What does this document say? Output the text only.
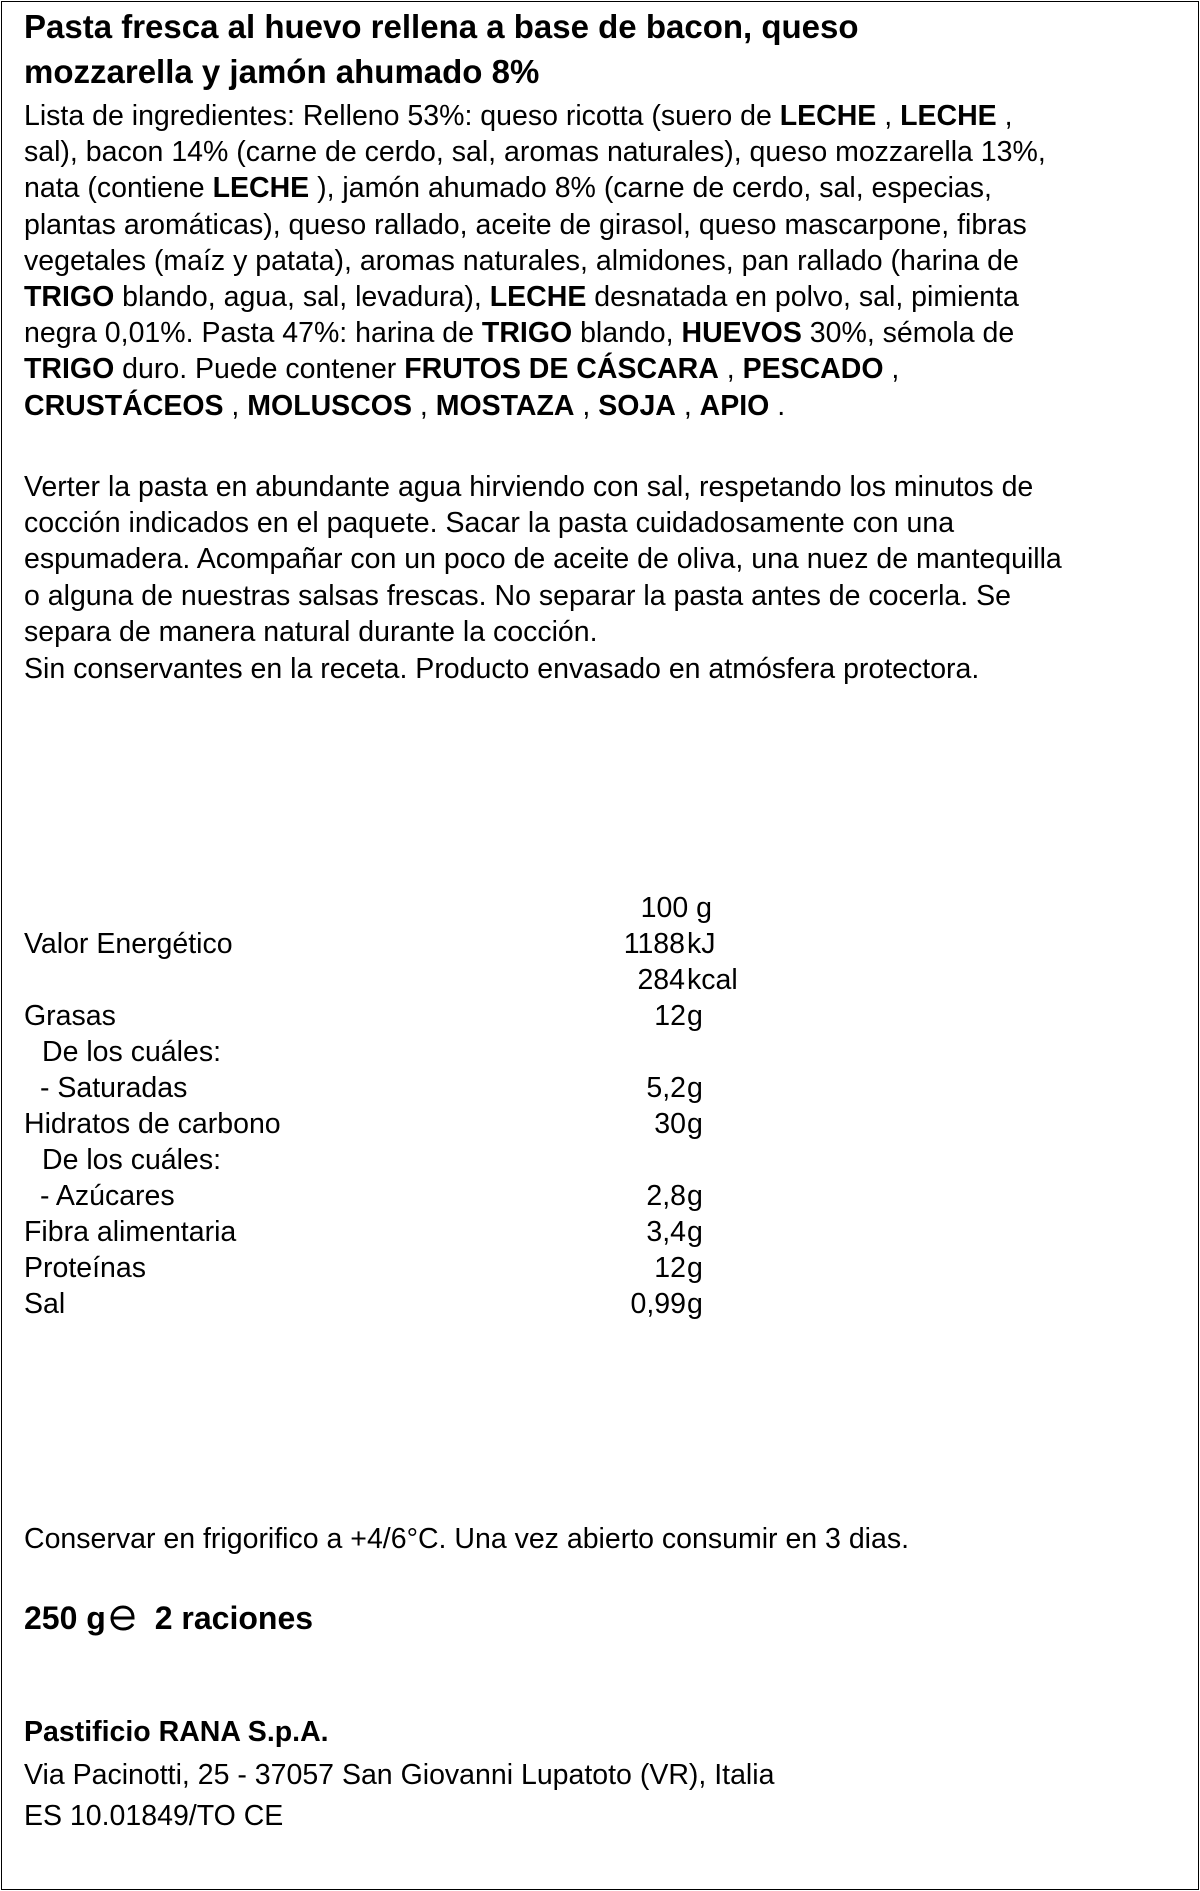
Pasta fresca al huevo rellena a base de bacon, queso
mozzarella y jamón ahumado 8%
Lista de ingredientes: Relleno 53%: queso ricotta (suero de LECHE , LECHE ,
sal), bacon 14% (carne de cerdo, sal, aromas naturales), queso mozzarella 13%,
nata (contiene LECHE ), jamón ahumado 8% (carne de cerdo, sal, especias,
plantas aromáticas), queso rallado, aceite de girasol, queso mascarpone, fibras
vegetales (maíz y patata), aromas naturales, almidones, pan rallado (harina de
TRIGO blando, agua, sal, levadura), LECHE desnatada en polvo, sal, pimienta
negra 0,01%. Pasta 47%: harina de TRIGO blando, HUEVOS 30%, sémola de
TRIGO duro. Puede contener FRUTOS DE CÁSCARA , PESCADO ,
CRUSTÁCEOS , MOLUSCOS , MOSTAZA , SOJA , APIO .
Verter la pasta en abundante agua hirviendo con sal, respetando los minutos de
cocción indicados en el paquete. Sacar la pasta cuidadosamente con una
espumadera. Acompañar con un poco de aceite de oliva, una nuez de mantequilla
o alguna de nuestras salsas frescas. No separar la pasta antes de cocerla. Se
separa de manera natural durante la cocción.
Sin conservantes en la receta. Producto envasado en atmósfera protectora.
100 g
Valor Energético	1188 kJ
284 kcal
Grasas	12 g
De los cuáles:
- Saturadas	5,2 g
Hidratos de carbono	30 g
De los cuáles:
- Azúcares	2,8 g
Fibra alimentaria	3,4 g
Proteínas	12 g
Sal	0,99 g
Conservar en frigorifico a +4/6°C. Una vez abierto consumir en 3 dias.
250 g 2 raciones
Pastificio RANA S.p.A.
Via Pacinotti, 25 - 37057 San Giovanni Lupatoto (VR), Italia
ES 10.01849/TO CE
